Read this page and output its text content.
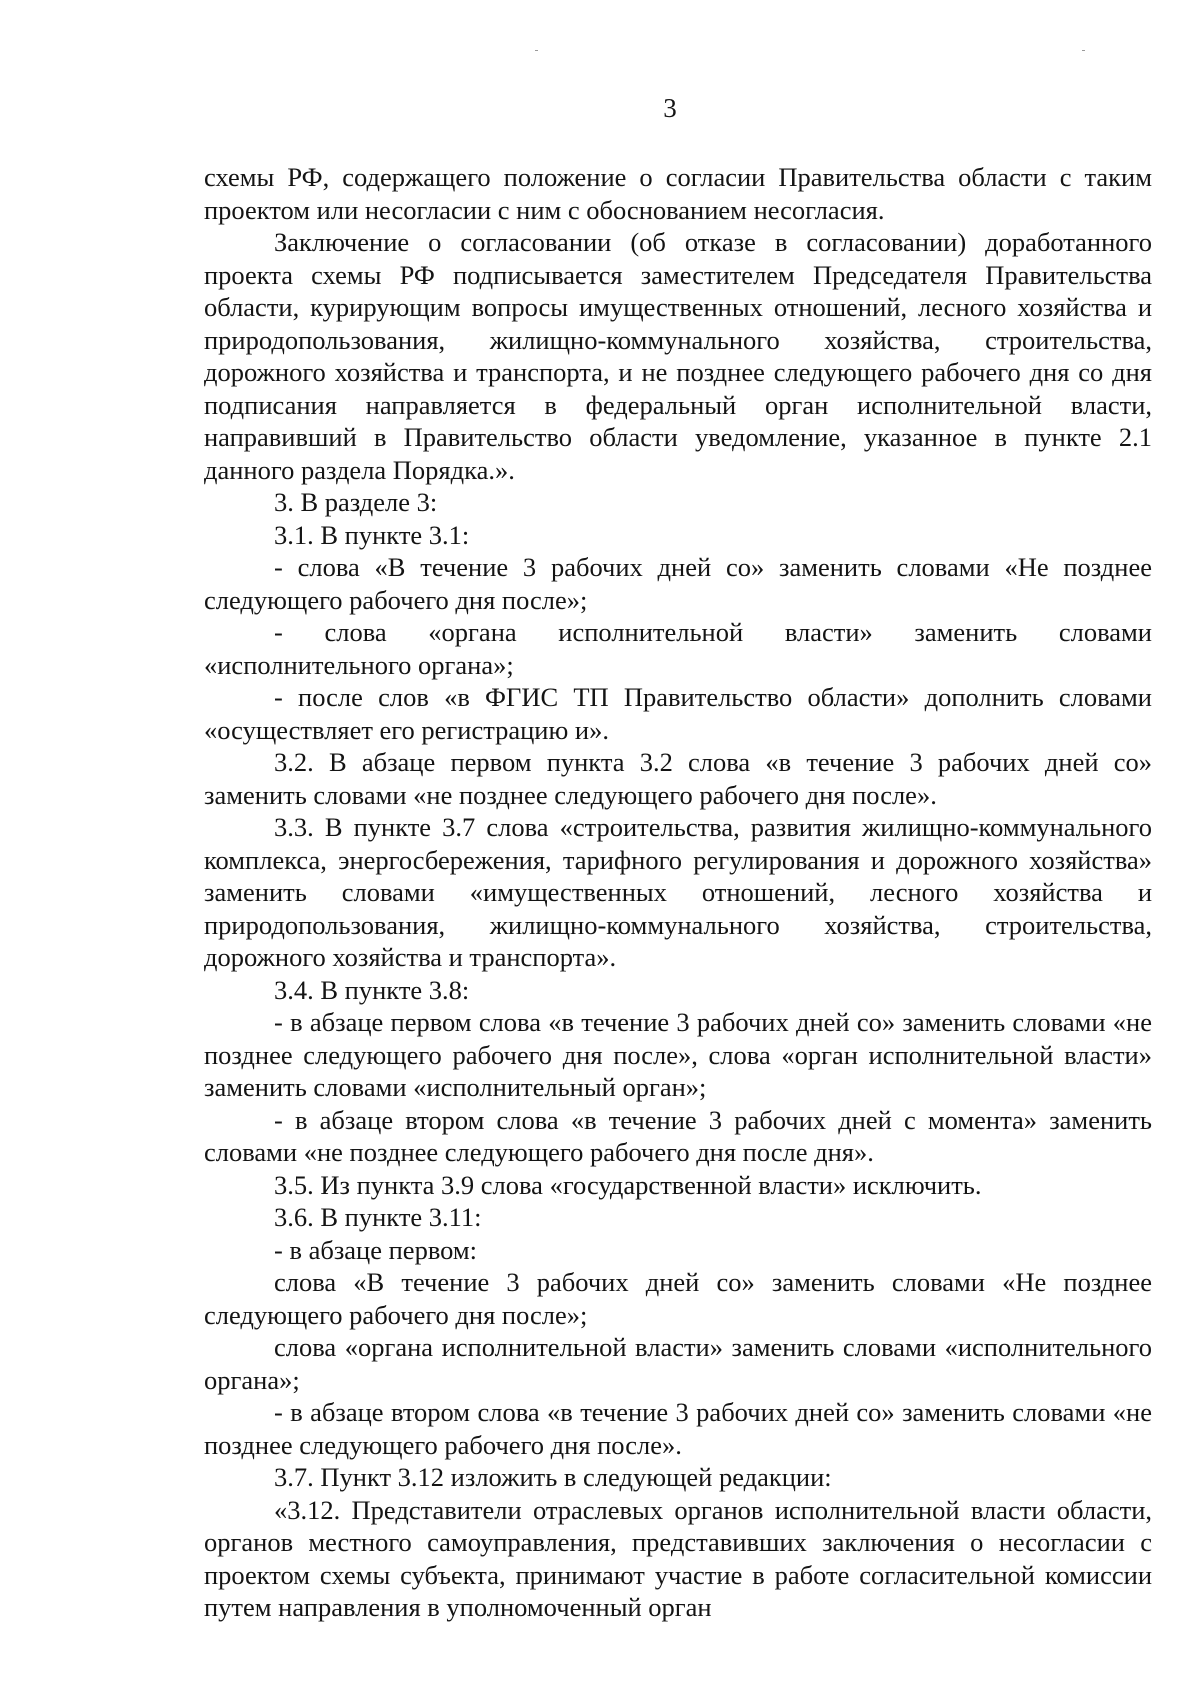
3

схемы РФ, содержащего положение о согласии Правительства области с таким проектом или несогласии с ним с обоснованием несогласия.

Заключение о согласовании (об отказе в согласовании) доработанного проекта схемы РФ подписывается заместителем Председателя Правительства области, курирующим вопросы имущественных отношений, лесного хозяйства и природопользования, жилищно-коммунального хозяйства, строительства, дорожного хозяйства и транспорта, и не позднее следующего рабочего дня со дня подписания направляется в федеральный орган исполнительной власти, направивший в Правительство области уведомление, указанное в пункте 2.1 данного раздела Порядка.».

3. В разделе 3:

3.1. В пункте 3.1:

- слова «В течение 3 рабочих дней со» заменить словами «Не позднее следующего рабочего дня после»;

- слова «органа исполнительной власти» заменить словами «исполнительного органа»;

- после слов «в ФГИС ТП Правительство области» дополнить словами «осуществляет его регистрацию и».

3.2. В абзаце первом пункта 3.2 слова «в течение 3 рабочих дней со» заменить словами «не позднее следующего рабочего дня после».

3.3. В пункте 3.7 слова «строительства, развития жилищно-коммунального комплекса, энергосбережения, тарифного регулирования и дорожного хозяйства» заменить словами «имущественных отношений, лесного хозяйства и природопользования, жилищно-коммунального хозяйства, строительства, дорожного хозяйства и транспорта».

3.4. В пункте 3.8:

- в абзаце первом слова «в течение 3 рабочих дней со» заменить словами «не позднее следующего рабочего дня после», слова «орган исполнительной власти» заменить словами «исполнительный орган»;

- в абзаце втором слова «в течение 3 рабочих дней с момента» заменить словами «не позднее следующего рабочего дня после дня».

3.5. Из пункта 3.9 слова «государственной власти» исключить.

3.6. В пункте 3.11:

- в абзаце первом:

слова «В течение 3 рабочих дней со» заменить словами «Не позднее следующего рабочего дня после»;

слова «органа исполнительной власти» заменить словами «исполнительного органа»;

- в абзаце втором слова «в течение 3 рабочих дней со» заменить словами «не позднее следующего рабочего дня после».

3.7. Пункт 3.12 изложить в следующей редакции:

«3.12. Представители отраслевых органов исполнительной власти области, органов местного самоуправления, представивших заключения о несогласии с проектом схемы субъекта, принимают участие в работе согласительной комиссии путем направления в уполномоченный орган
